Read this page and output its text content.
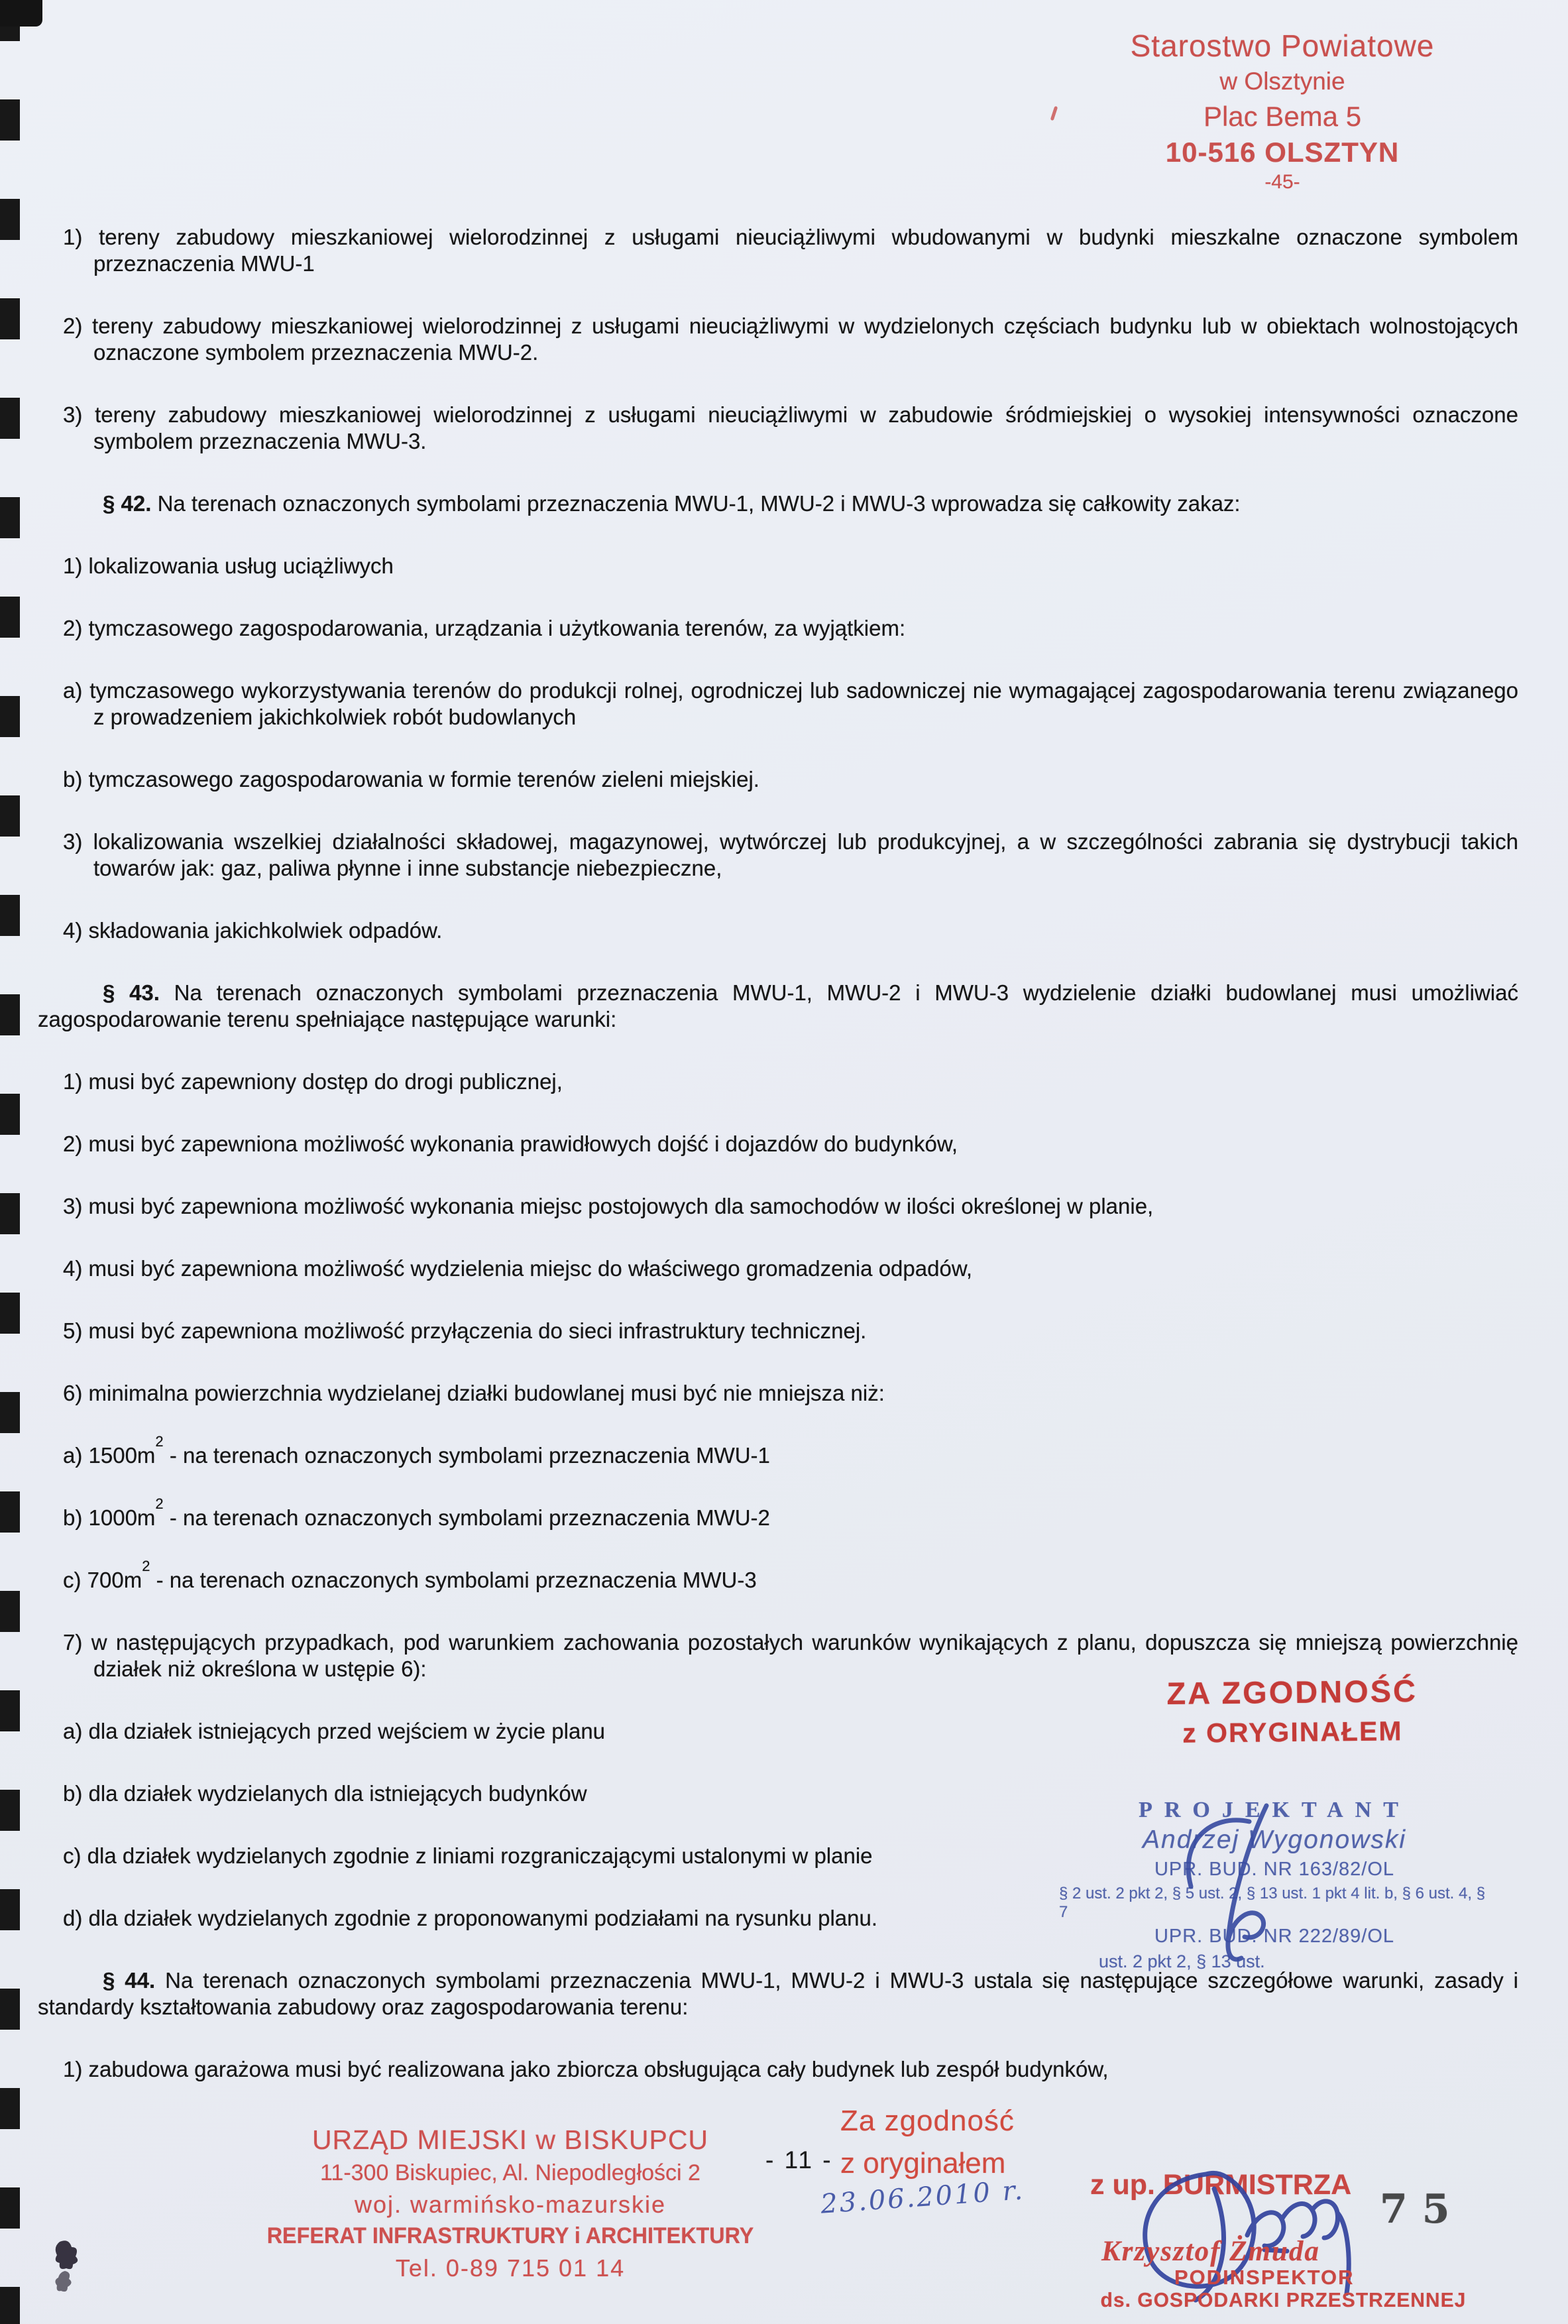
Starostwo Powiatowe
w Olsztynie
Plac Bema 5
10-516 OLSZTYN
-45-
1) tereny zabudowy mieszkaniowej wielorodzinnej z usługami nieuciążliwymi wbudowanymi w budynki mieszkalne oznaczone symbolem przeznaczenia MWU-1
2) tereny zabudowy mieszkaniowej wielorodzinnej z usługami nieuciążliwymi w wydzielonych częściach budynku lub w obiektach wolnostojących oznaczone symbolem przeznaczenia MWU-2.
3) tereny zabudowy mieszkaniowej wielorodzinnej z usługami nieuciążliwymi w zabudowie śródmiejskiej o wysokiej intensywności oznaczone symbolem przeznaczenia MWU-3.
§ 42. Na terenach oznaczonych symbolami przeznaczenia MWU-1, MWU-2 i MWU-3 wprowadza się całkowity zakaz:
1) lokalizowania usług uciążliwych
2) tymczasowego zagospodarowania, urządzania i użytkowania terenów, za wyjątkiem:
a) tymczasowego wykorzystywania terenów do produkcji rolnej, ogrodniczej lub sadowniczej nie wymagającej zagospodarowania terenu związanego z prowadzeniem jakichkolwiek robót budowlanych
b) tymczasowego zagospodarowania w formie terenów zieleni miejskiej.
3) lokalizowania wszelkiej działalności składowej, magazynowej, wytwórczej lub produkcyjnej, a w szczególności zabrania się dystrybucji takich towarów jak: gaz, paliwa płynne i inne substancje niebezpieczne,
4) składowania jakichkolwiek odpadów.
§ 43. Na terenach oznaczonych symbolami przeznaczenia MWU-1, MWU-2 i MWU-3 wydzielenie działki budowlanej musi umożliwiać zagospodarowanie terenu spełniające następujące warunki:
1) musi być zapewniony dostęp do drogi publicznej,
2) musi być zapewniona możliwość wykonania prawidłowych dojść i dojazdów do budynków,
3) musi być zapewniona możliwość wykonania miejsc postojowych dla samochodów w ilości określonej w planie,
4) musi być zapewniona możliwość wydzielenia miejsc do właściwego gromadzenia odpadów,
5) musi być zapewniona możliwość przyłączenia do sieci infrastruktury technicznej.
6) minimalna powierzchnia wydzielanej działki budowlanej musi być nie mniejsza niż:
a) $1500m^2$ - na terenach oznaczonych symbolami przeznaczenia MWU-1
b) $1000m^2$ - na terenach oznaczonych symbolami przeznaczenia MWU-2
c) $700m^2$ - na terenach oznaczonych symbolami przeznaczenia MWU-3
7) w następujących przypadkach, pod warunkiem zachowania pozostałych warunków wynikających z planu, dopuszcza się mniejszą powierzchnię działek niż określona w ustępie 6):
a) dla działek istniejących przed wejściem w życie planu
b) dla działek wydzielanych dla istniejących budynków
c) dla działek wydzielanych zgodnie z liniami rozgraniczającymi ustalonymi w planie
d) dla działek wydzielanych zgodnie z proponowanymi podziałami na rysunku planu.
§ 44. Na terenach oznaczonych symbolami przeznaczenia MWU-1, MWU-2 i MWU-3 ustala się następujące szczegółowe warunki, zasady i standardy kształtowania zabudowy oraz zagospodarowania terenu:
1) zabudowa garażowa musi być realizowana jako zbiorcza obsługująca cały budynek lub zespół budynków,
ZA ZGODNOŚĆ
z ORYGINAŁEM
PROJEKTANT
Andrzej Wygonowski
UPR. BUD. NR 163/82/OL
§ 2 ust. 2 pkt 2, § 5 ust. 2, § 13 ust. 1 pkt 4 lit. b, § 6 ust. 4, § 7
UPR. BUD. NR 222/89/OL
ust. 2 pkt 2, § 13 ust.
URZĄD MIEJSKI w BISKUPCU
11-300 Biskupiec, Al. Niepodległości 2
woj. warmińsko-mazurskie
REFERAT INFRASTRUKTURY i ARCHITEKTURY
Tel. 0-89 715 01 14
- 11 -
Za zgodność
z oryginałem
23.06.2010 r. z up. BURMISTRZA
Krzysztof Żmuda
PODINSPEKTOR
ds. GOSPODARKI PRZESTRZENNEJ
75
